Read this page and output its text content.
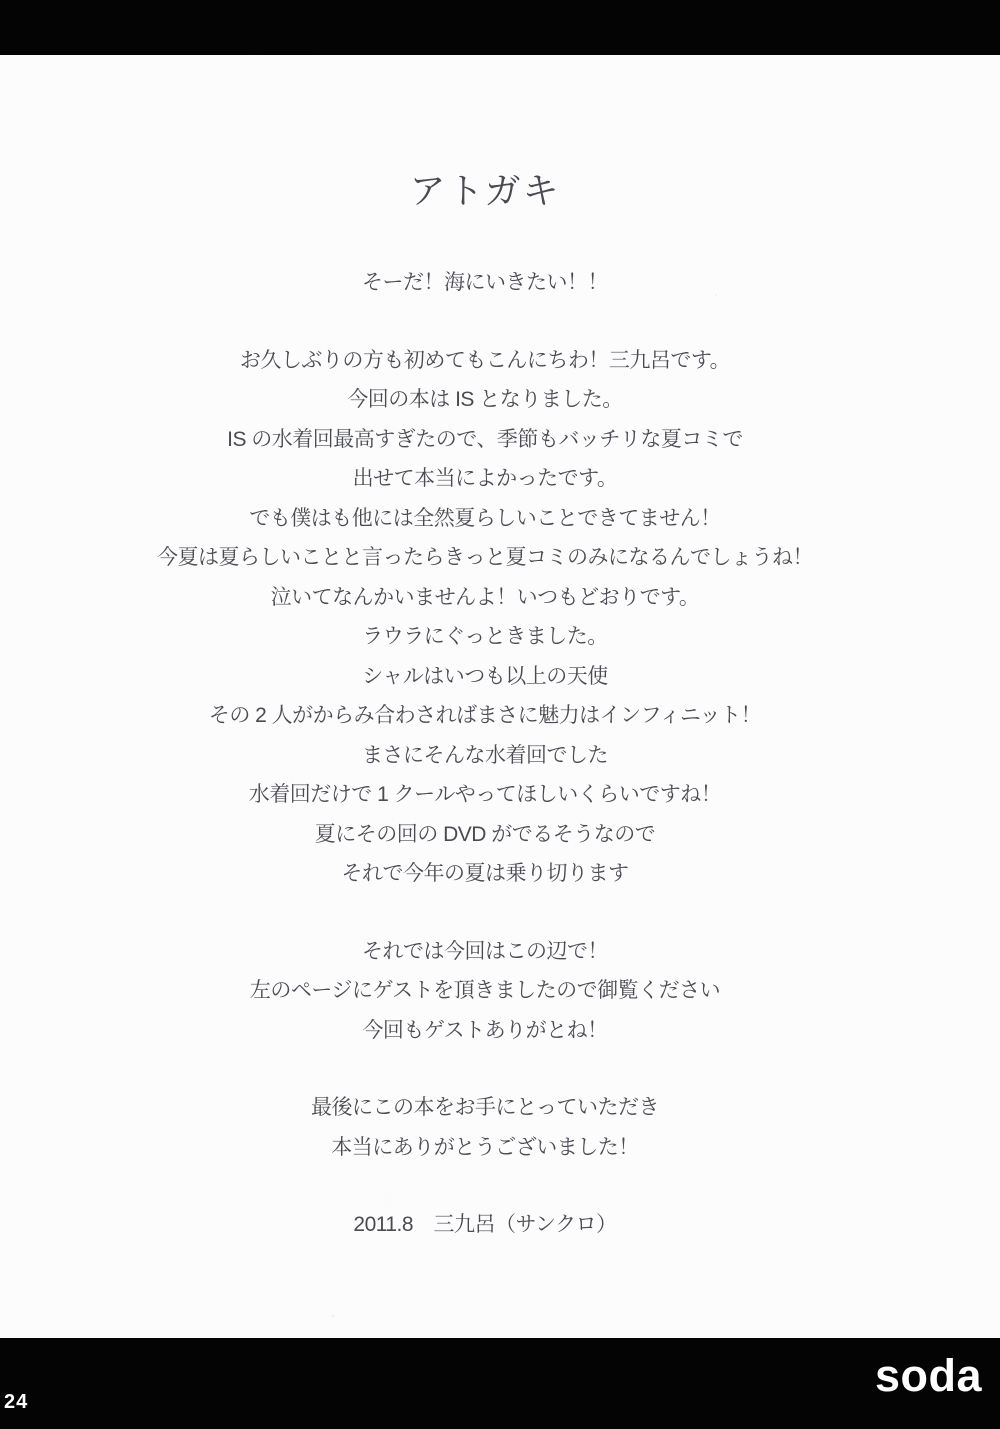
アトガキ
そーだ！海にいきたい！！
お久しぶりの方も初めてもこんにちわ！三九呂です。
今回の本は IS となりました。
IS の水着回最高すぎたので、季節もバッチリな夏コミで
出せて本当によかったです。
でも僕はも他には全然夏らしいことできてません！
今夏は夏らしいことと言ったらきっと夏コミのみになるんでしょうね！
泣いてなんかいませんよ！いつもどおりです。
ラウラにぐっときました。
シャルはいつも以上の天使
その 2 人がからみ合わさればまさに魅力はインフィニット！
まさにそんな水着回でした
水着回だけで 1 クールやってほしいくらいですね！
夏にその回の DVD がでるそうなので
それで今年の夏は乗り切ります
それでは今回はこの辺で！
左のページにゲストを頂きましたので御覧ください
今回もゲストありがとね！
最後にこの本をお手にとっていただき
本当にありがとうございました！
2011.8　三九呂（サンクロ）
24
soda
